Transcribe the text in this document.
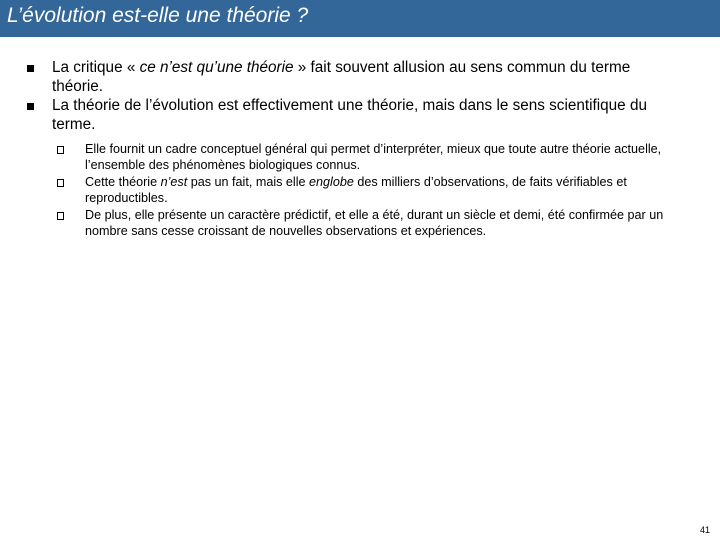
L’évolution est-elle une théorie ?
La critique « ce n’est qu’une théorie » fait souvent allusion au sens commun du terme théorie.
La théorie de l’évolution est effectivement une théorie, mais dans le sens scientifique du terme.
Elle fournit un cadre conceptuel général qui permet d’interpréter, mieux que toute autre théorie actuelle, l’ensemble des phénomènes biologiques connus.
Cette théorie n’est pas un fait, mais elle englobe des milliers d’observations, de faits vérifiables et reproductibles.
De plus, elle présente un caractère prédictif, et elle a été, durant un siècle et demi, été confirmée par un nombre sans cesse croissant de nouvelles observations et expériences.
41
